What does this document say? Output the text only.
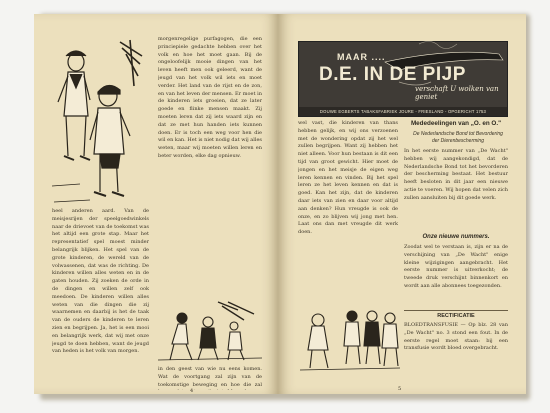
heel anderen aard. Van de meisjesrijen der speelgoedwinkels naar de drievoet van de toekomst was het altijd een grote stap. Maar het representatief spel moest minder belangrijk blijken. Het spel van de grote kinderen, de wereld van de volwassenen, dat was de richting. De kinderen willen alles weten en in de gaten houden. Zij zoeken de orde in de dingen en willen zelf ook meedoen. De kinderen willen alles weten van die dingen die zij waarnemen en daarbij is het de taak van de ouders de kinderen te leren zien en begrijpen. Ja, het is een mooi en belangrijk werk, dat wij met onze jeugd te doen hebben, want de jeugd van heden is het volk van morgen.

morgenregelige purfagogen, die een princiepiele gedachte hebben over het volk en hoe het moet gaan. Bij de ongeloofelijk mooie dingen van het leven heeft men ook geleerd, want de jeugd van het volk wil iets en moet verder. Het land van de rijst en de zon, en van het leven der mensen. Er moet in de kinderen iets groeien, dat ze later goede en flinke mensen maakt. Zij moeten leren dat zij iets waard zijn en dat ze met hun handen iets kunnen doen. Er is toch een weg voor hen die wil en kan. Het is niet nodig dat wij alles weten, maar wij moeten willen leren en beter worden, elke dag opnieuw.

in den geest van wie nu eens komen. Wat de voortgang zal zijn van de toekomstige beweging en hoe die zal

4
MAAR ....
D.E. IN DE PIJP
verschaft U wolken van geniet
DOUWE EGBERTS TABAKSFABRIEK JOURE - FRIESLAND - OPGERICHT 1753

wel vast, die kinderen van thans hebben gelijk, en wij ons verzoenen met de wondering opdat zij het wel zullen begrijpen. Want zij hebben het niet alleen. Voor hun bestaan is dit een tijd van groot gewicht. Hier moet de jongen en het meisje de eigen weg leren kennen en vinden. Bij het spel leren ze het leven kennen en dat is goed. Kan het zijn, dat de kinderen daar iets van zien en daar voor altijd aan denken? Hun vreugde is ook de onze, en zo blijven wij jong met hen. Laat ons dan met vreugde dit werk doen.

Mededeelingen van „O. en O."
De Nederlandsche Bond tot Bevordering der Dierenbescherming

In het eerste nummer van „De Wacht" hebben wij aangekondigd, dat de Nederlandsche Bond tot het bevorderen der bescherming bestaat. Het bestuur heeft besloten in dit jaar een nieuwe actie te voeren. Wij hopen dat velen zich zullen aansluiten bij dit goede werk.

Onze nieuwe nummers.

Zoodat wel te verstaan is, zijn er na de verschijning van „De Wacht" enige kleine wijzigingen aangebracht. Het eerste nummer is uitverkocht; de tweede druk verschijnt binnenkort en wordt aan alle abonnees toegezonden.

RECTIFICATIE

BLOEDTRANSFUSIE — Op blz. 28 van „De Wacht" no. 3 stond een fout. In de eerste regel moet staan: bij een transfusie wordt bloed overgebracht.

5
